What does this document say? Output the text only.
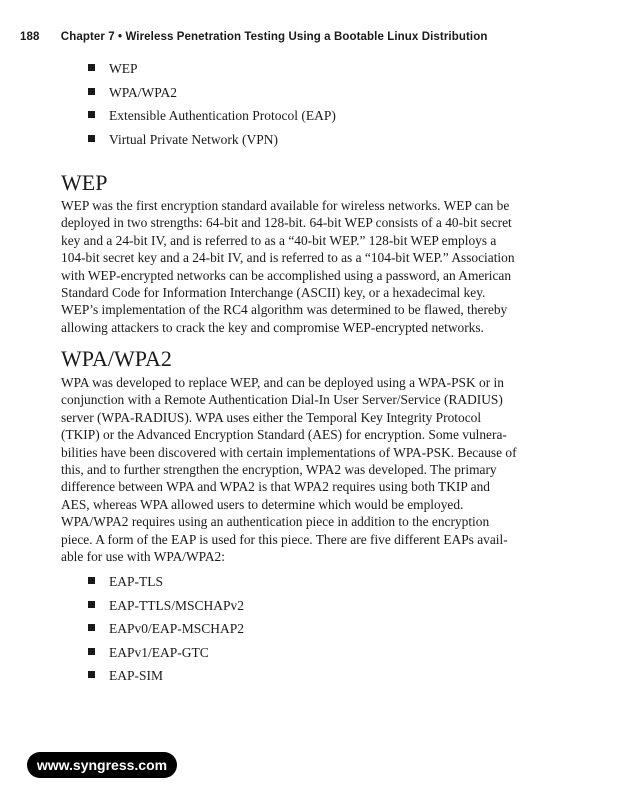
188 Chapter 7 • Wireless Penetration Testing Using a Bootable Linux Distribution
WEP
WPA/WPA2
Extensible Authentication Protocol (EAP)
Virtual Private Network (VPN)
WEP

WEP was the first encryption standard available for wireless networks. WEP can be
deployed in two strengths: 64-bit and 128-bit. 64-bit WEP consists of a 40-bit secret
key and a 24-bit IV, and is referred to as a “40-bit WEP.” 128-bit WEP employs a
104-bit secret key and a 24-bit IV, and is referred to as a “104-bit WEP.” Association
with WEP-encrypted networks can be accomplished using a password, an American
Standard Code for Information Interchange (ASCII) key, or a hexadecimal key.
WEP’s implementation of the RC4 algorithm was determined to be flawed, thereby
allowing attackers to crack the key and compromise WEP-encrypted networks.

WPA/WPA2

WPA was developed to replace WEP, and can be deployed using a WPA-PSK or in
conjunction with a Remote Authentication Dial-In User Server/Service (RADIUS)
server (WPA-RADIUS). WPA uses either the Temporal Key Integrity Protocol
(TKIP) or the Advanced Encryption Standard (AES) for encryption. Some vulnera-
bilities have been discovered with certain implementations of WPA-PSK. Because of
this, and to further strengthen the encryption, WPA2 was developed. The primary
difference between WPA and WPA2 is that WPA2 requires using both TKIP and
AES, whereas WPA allowed users to determine which would be employed.
WPA/WPA2 requires using an authentication piece in addition to the encryption
piece. A form of the EAP is used for this piece. There are five different EAPs avail-
able for use with WPA/WPA2:

EAP-TLS
EAP-TTLS/MSCHAPv2
EAPv0/EAP-MSCHAP2
EAPv1/EAP-GTC
EAP-SIM
www.syngress.com
